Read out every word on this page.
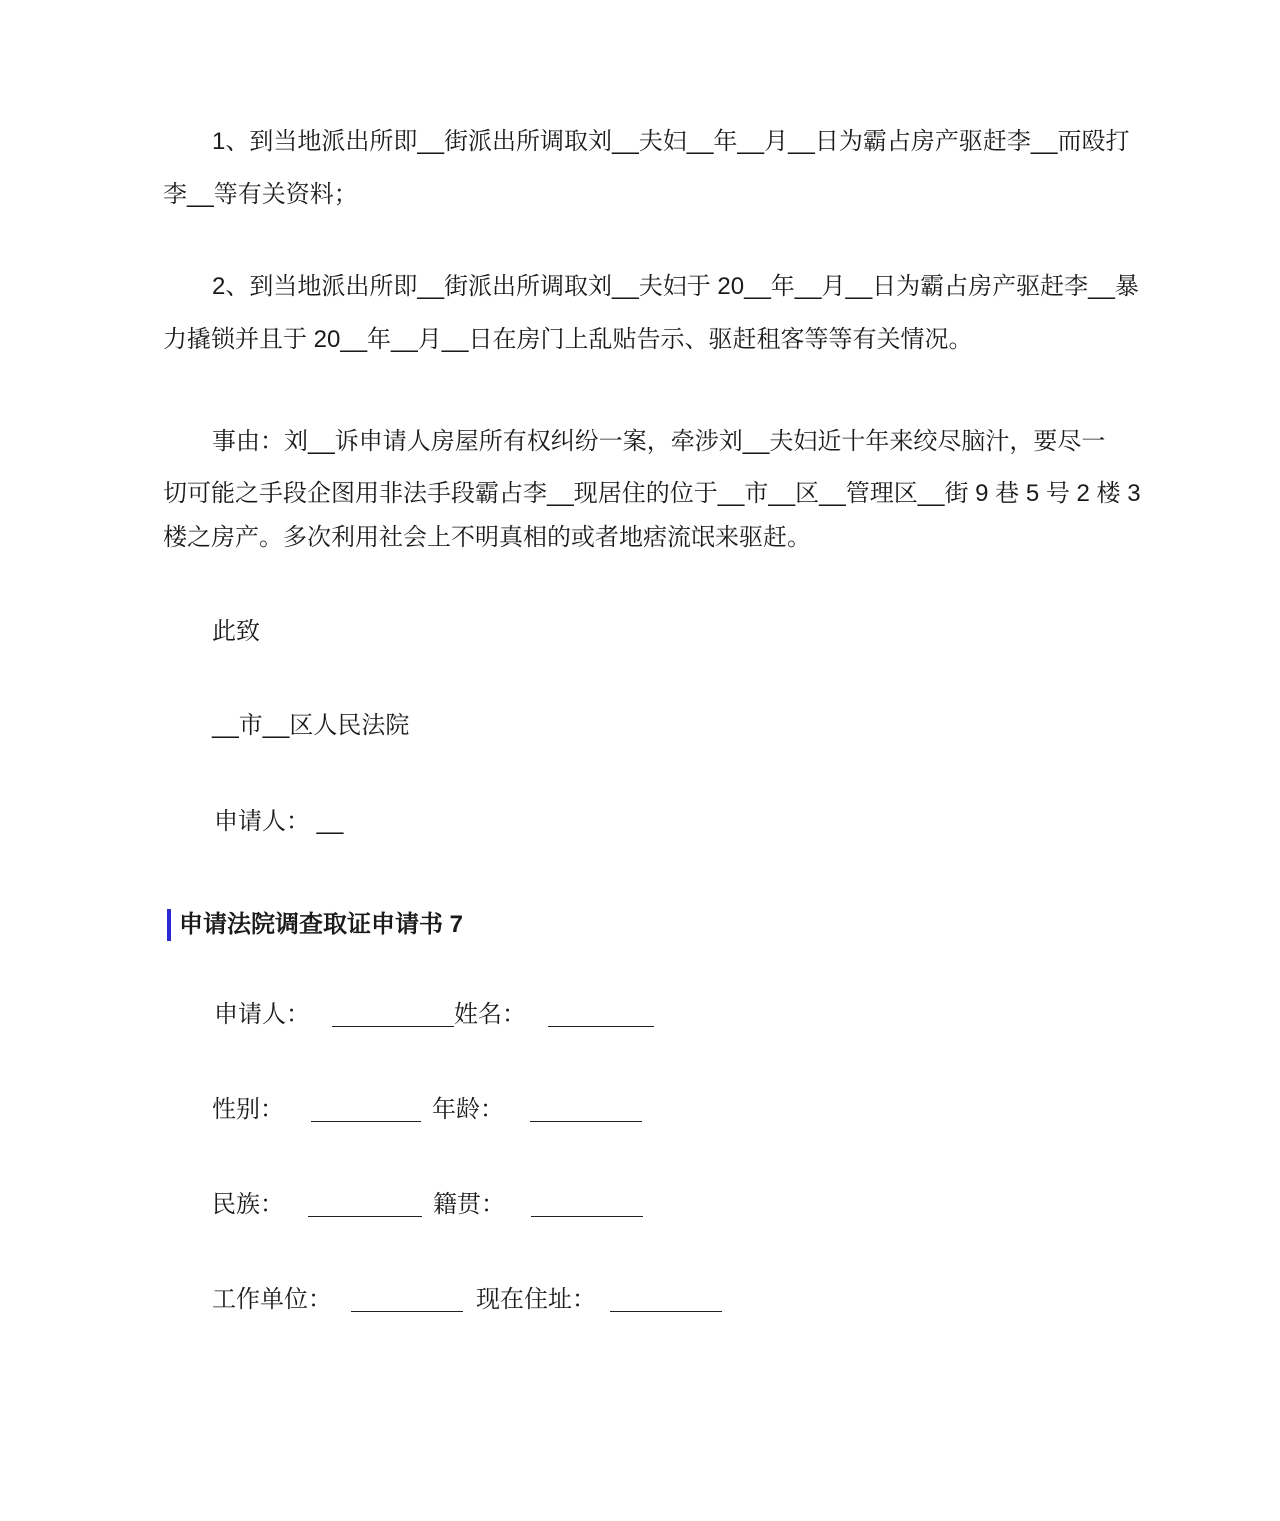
1、到当地派出所即__街派出所调取刘__夫妇__年__月__日为霸占房产驱赶李__而殴打
李__等有关资料；
2、到当地派出所即__街派出所调取刘__夫妇于 20__年__月__日为霸占房产驱赶李__暴
力撬锁并且于 20__年__月__日在房门上乱贴告示、驱赶租客等等有关情况。
事由：刘__诉申请人房屋所有权纠纷一案，牵涉刘__夫妇近十年来绞尽脑汁，要尽一
切可能之手段企图用非法手段霸占李__现居住的位于__市__区__管理区__街 9 巷 5 号 2 楼 3
楼之房产。多次利用社会上不明真相的或者地痞流氓来驱赶。
此致
__市__区人民法院
申请人： __
申请法院调查取证申请书 7
申请人：	姓名：
性别：	年龄：
民族：	籍贯：
工作单位：	现在住址：
